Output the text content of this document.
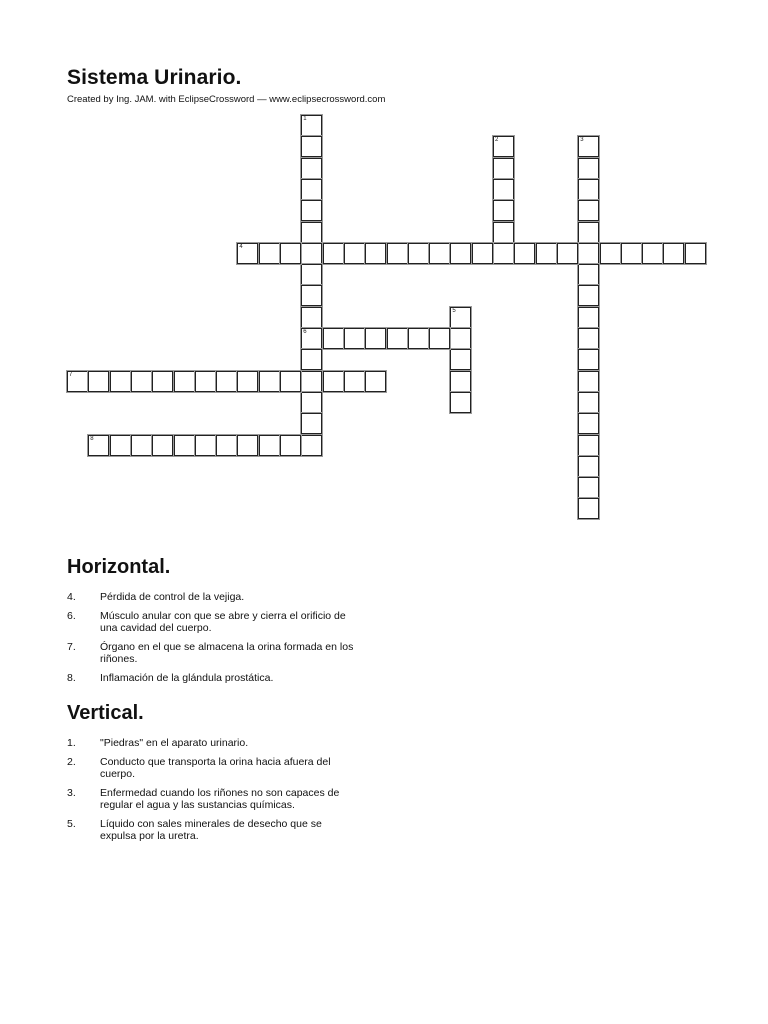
Sistema Urinario.
Created by Ing. JAM. with EclipseCrossword — www.eclipsecrossword.com
1
6
2	3
4
5
7
8
Horizontal.
4.	Pérdida de control de la vejiga.
6.	Músculo anular con que se abre y cierra el orificio de una cavidad del cuerpo.
7.	Órgano en el que se almacena la orina formada en los riñones.
8.	Inflamación de la glándula prostática.
Vertical.
1.	"Piedras" en el aparato urinario.
2.	Conducto que transporta la orina hacia afuera del cuerpo.
3.	Enfermedad cuando los riñones no son capaces de regular el agua y las sustancias químicas.
5.	Líquido con sales minerales de desecho que se expulsa por la uretra.
